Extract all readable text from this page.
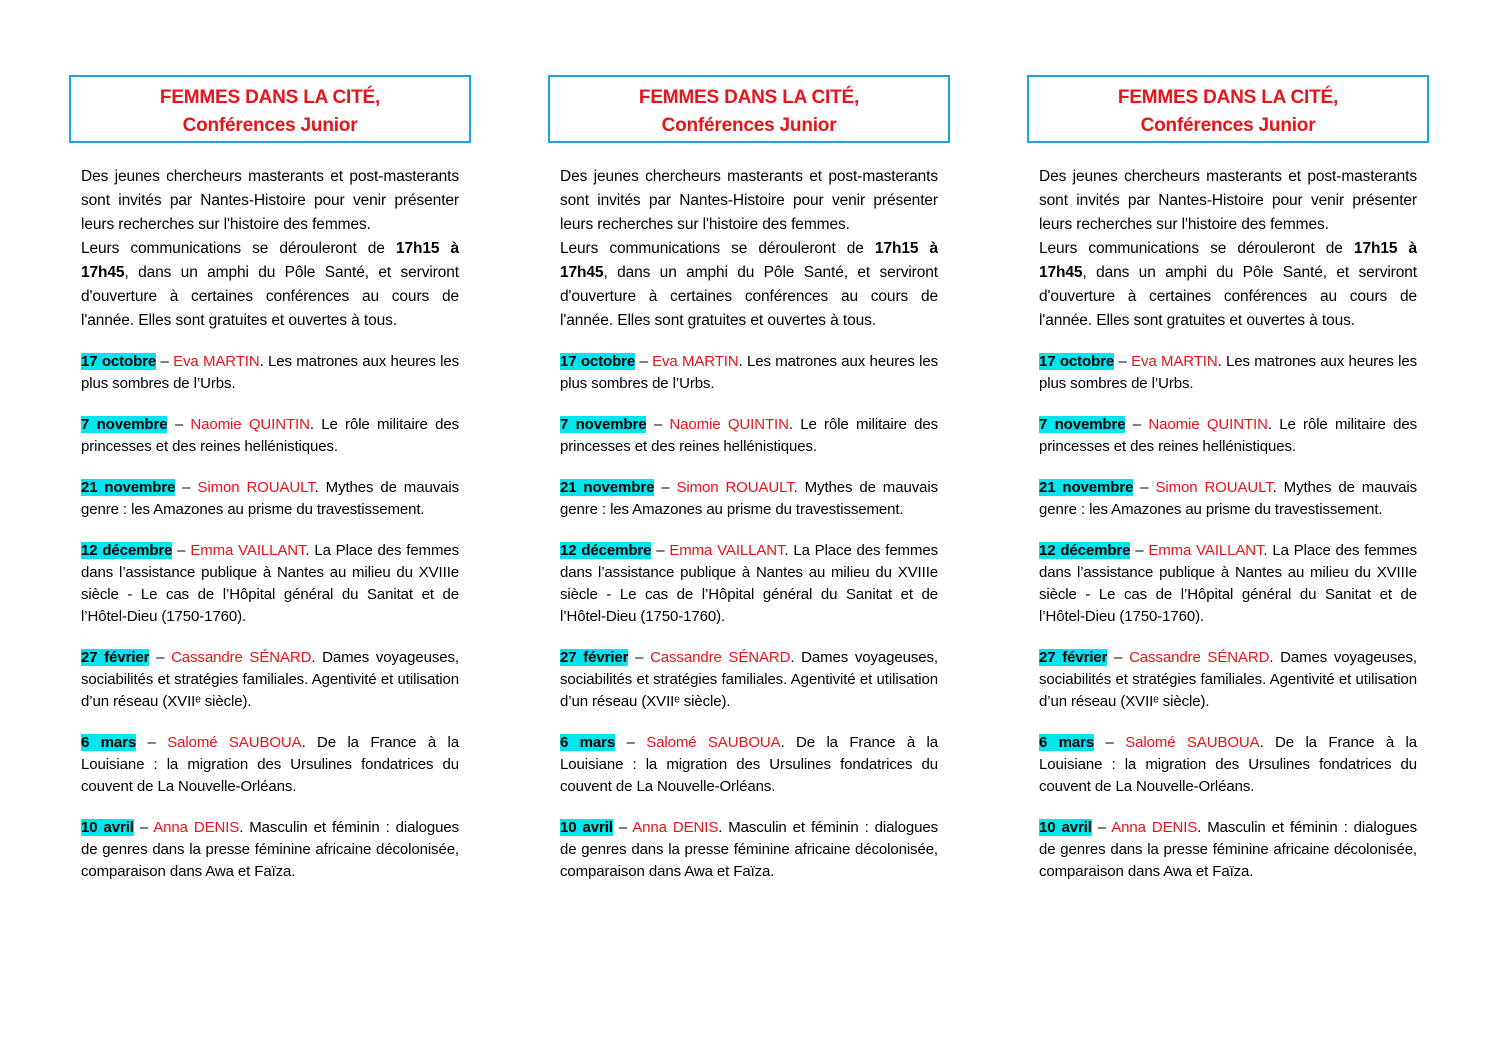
FEMMES DANS LA CITÉ,
Conférences Junior

Des jeunes chercheurs masterants et post-masterants sont invités par Nantes-Histoire pour venir présenter leurs recherches sur l'histoire des femmes.

Leurs communications se dérouleront de 17h15 à 17h45, dans un amphi du Pôle Santé, et serviront d'ouverture à certaines conférences au cours de l'année. Elles sont gratuites et ouvertes à tous.

17 octobre – Eva MARTIN. Les matrones aux heures les plus sombres de l’Urbs.

7 novembre – Naomie QUINTIN. Le rôle militaire des princesses et des reines hellénistiques.

21 novembre – Simon ROUAULT. Mythes de mauvais genre : les Amazones au prisme du travestissement.

12 décembre – Emma VAILLANT. La Place des femmes dans l’assistance publique à Nantes au milieu du XVIIIe siècle - Le cas de l’Hôpital général du Sanitat et de l’Hôtel-Dieu (1750-1760).

27 février – Cassandre SÉNARD. Dames voyageuses, sociabilités et stratégies familiales. Agentivité et utilisation d’un réseau (XVIIᵉ siècle).

6 mars – Salomé SAUBOUA. De la France à la Louisiane : la migration des Ursulines fondatrices du couvent de La Nouvelle-Orléans.

10 avril – Anna DENIS. Masculin et féminin : dialogues de genres dans la presse féminine africaine décolonisée, comparaison dans Awa et Faïza.

FEMMES DANS LA CITÉ,
Conférences Junior

Des jeunes chercheurs masterants et post-masterants sont invités par Nantes-Histoire pour venir présenter leurs recherches sur l'histoire des femmes.

Leurs communications se dérouleront de 17h15 à 17h45, dans un amphi du Pôle Santé, et serviront d'ouverture à certaines conférences au cours de l'année. Elles sont gratuites et ouvertes à tous.

17 octobre – Eva MARTIN. Les matrones aux heures les plus sombres de l’Urbs.

7 novembre – Naomie QUINTIN. Le rôle militaire des princesses et des reines hellénistiques.

21 novembre – Simon ROUAULT. Mythes de mauvais genre : les Amazones au prisme du travestissement.

12 décembre – Emma VAILLANT. La Place des femmes dans l’assistance publique à Nantes au milieu du XVIIIe siècle - Le cas de l’Hôpital général du Sanitat et de l’Hôtel-Dieu (1750-1760).

27 février – Cassandre SÉNARD. Dames voyageuses, sociabilités et stratégies familiales. Agentivité et utilisation d’un réseau (XVIIᵉ siècle).

6 mars – Salomé SAUBOUA. De la France à la Louisiane : la migration des Ursulines fondatrices du couvent de La Nouvelle-Orléans.

10 avril – Anna DENIS. Masculin et féminin : dialogues de genres dans la presse féminine africaine décolonisée, comparaison dans Awa et Faïza.

FEMMES DANS LA CITÉ,
Conférences Junior

Des jeunes chercheurs masterants et post-masterants sont invités par Nantes-Histoire pour venir présenter leurs recherches sur l'histoire des femmes.

Leurs communications se dérouleront de 17h15 à 17h45, dans un amphi du Pôle Santé, et serviront d'ouverture à certaines conférences au cours de l'année. Elles sont gratuites et ouvertes à tous.

17 octobre – Eva MARTIN. Les matrones aux heures les plus sombres de l’Urbs.

7 novembre – Naomie QUINTIN. Le rôle militaire des princesses et des reines hellénistiques.

21 novembre – Simon ROUAULT. Mythes de mauvais genre : les Amazones au prisme du travestissement.

12 décembre – Emma VAILLANT. La Place des femmes dans l’assistance publique à Nantes au milieu du XVIIIe siècle - Le cas de l’Hôpital général du Sanitat et de l’Hôtel-Dieu (1750-1760).

27 février – Cassandre SÉNARD. Dames voyageuses, sociabilités et stratégies familiales. Agentivité et utilisation d’un réseau (XVIIᵉ siècle).

6 mars – Salomé SAUBOUA. De la France à la Louisiane : la migration des Ursulines fondatrices du couvent de La Nouvelle-Orléans.

10 avril – Anna DENIS. Masculin et féminin : dialogues de genres dans la presse féminine africaine décolonisée, comparaison dans Awa et Faïza.
